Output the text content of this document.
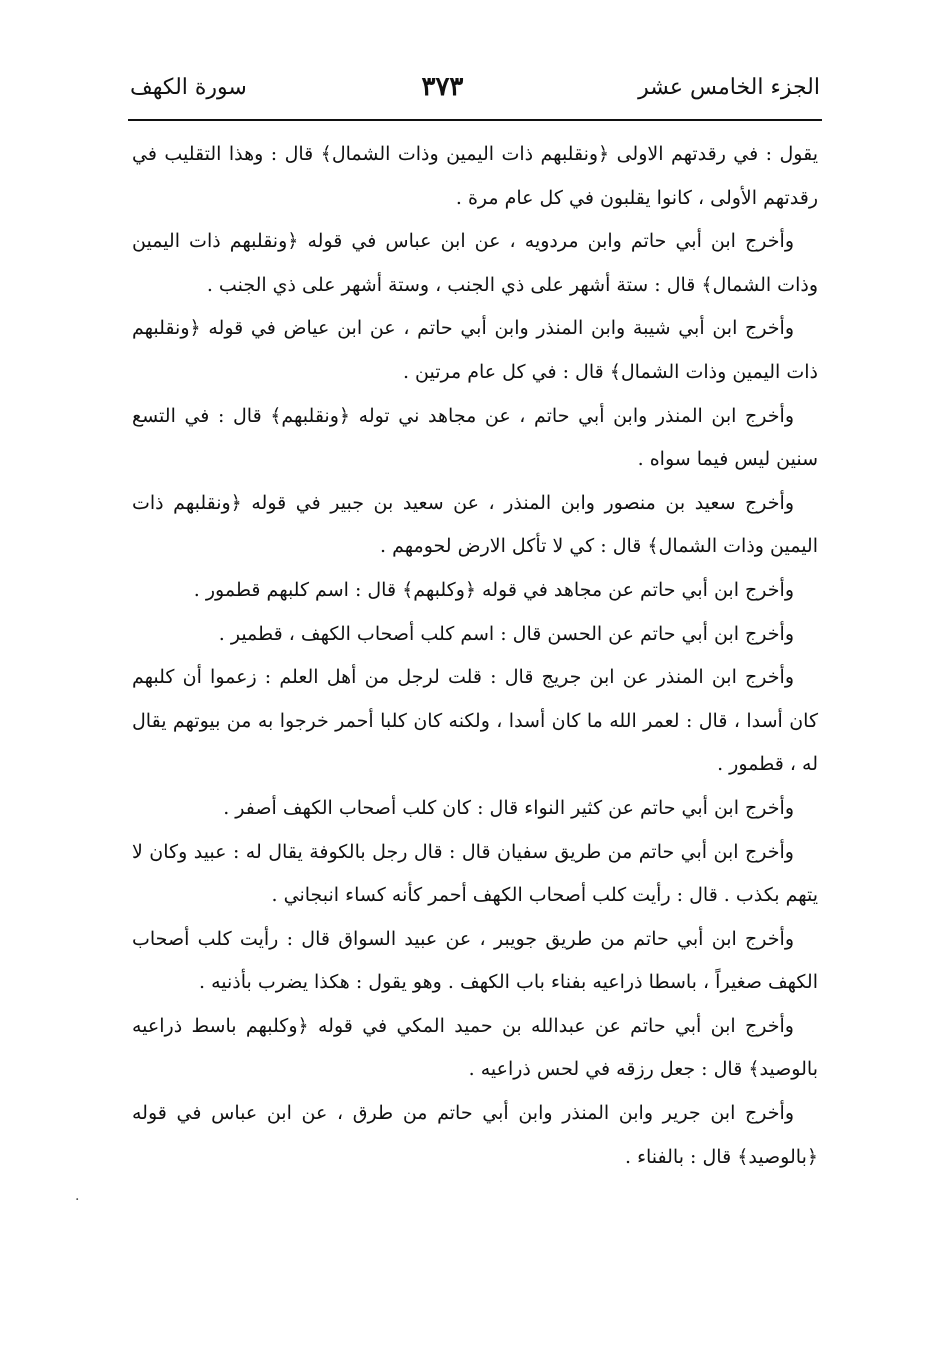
الجزء الخامس عشر
٣٧٣
سورة الكهف

يقول : في رقدتهم الاولى ﴿ونقلبهم ذات اليمين وذات الشمال﴾ قال : وهذا التقليب في رقدتهم الأولى ، كانوا يقلبون في كل عام مرة .

وأخرج ابن أبي حاتم وابن مردويه ، عن ابن عباس في قوله ﴿ونقلبهم ذات اليمين وذات الشمال﴾ قال : ستة أشهر على ذي الجنب ، وستة أشهر على ذي الجنب .

وأخرج ابن أبي شيبة وابن المنذر وابن أبي حاتم ، عن ابن عياض في قوله ﴿ونقلبهم ذات اليمين وذات الشمال﴾ قال : في كل عام مرتين .

وأخرج ابن المنذر وابن أبي حاتم ، عن مجاهد ني توله ﴿ونقلبهم﴾ قال : في التسع سنين ليس فيما سواه .

وأخرج سعيد بن منصور وابن المنذر ، عن سعيد بن جبير في قوله ﴿ونقلبهم ذات اليمين وذات الشمال﴾ قال : كي لا تأكل الارض لحومهم .

وأخرج ابن أبي حاتم عن مجاهد في قوله ﴿وكلبهم﴾ قال : اسم كلبهم قطمور .

وأخرج ابن أبي حاتم عن الحسن قال : اسم كلب أصحاب الكهف ، قطمير .

وأخرج ابن المنذر عن ابن جريج قال : قلت لرجل من أهل العلم : زعموا أن كلبهم كان أسدا ، قال : لعمر الله ما كان أسدا ، ولكنه كان كلبا أحمر خرجوا به من بيوتهم يقال له ، قطمور .

وأخرج ابن أبي حاتم عن كثير النواء قال : كان كلب أصحاب الكهف أصفر .

وأخرج ابن أبي حاتم من طريق سفيان قال : قال رجل بالكوفة يقال له : عبيد وكان لا يتهم بكذب . قال : رأيت كلب أصحاب الكهف أحمر كأنه كساء انبجاني .

وأخرج ابن أبي حاتم من طريق جويبر ، عن عبيد السواق قال : رأيت كلب أصحاب الكهف صغيراً ، باسطا ذراعيه بفناء باب الكهف . وهو يقول : هكذا يضرب بأذنيه .

وأخرج ابن أبي حاتم عن عبدالله بن حميد المكي في قوله ﴿وكلبهم باسط ذراعيه بالوصيد﴾ قال : جعل رزقه في لحس ذراعيه .

وأخرج ابن جرير وابن المنذر وابن أبي حاتم من طرق ، عن ابن عباس في قوله ﴿بالوصيد﴾ قال : بالفناء .

·
